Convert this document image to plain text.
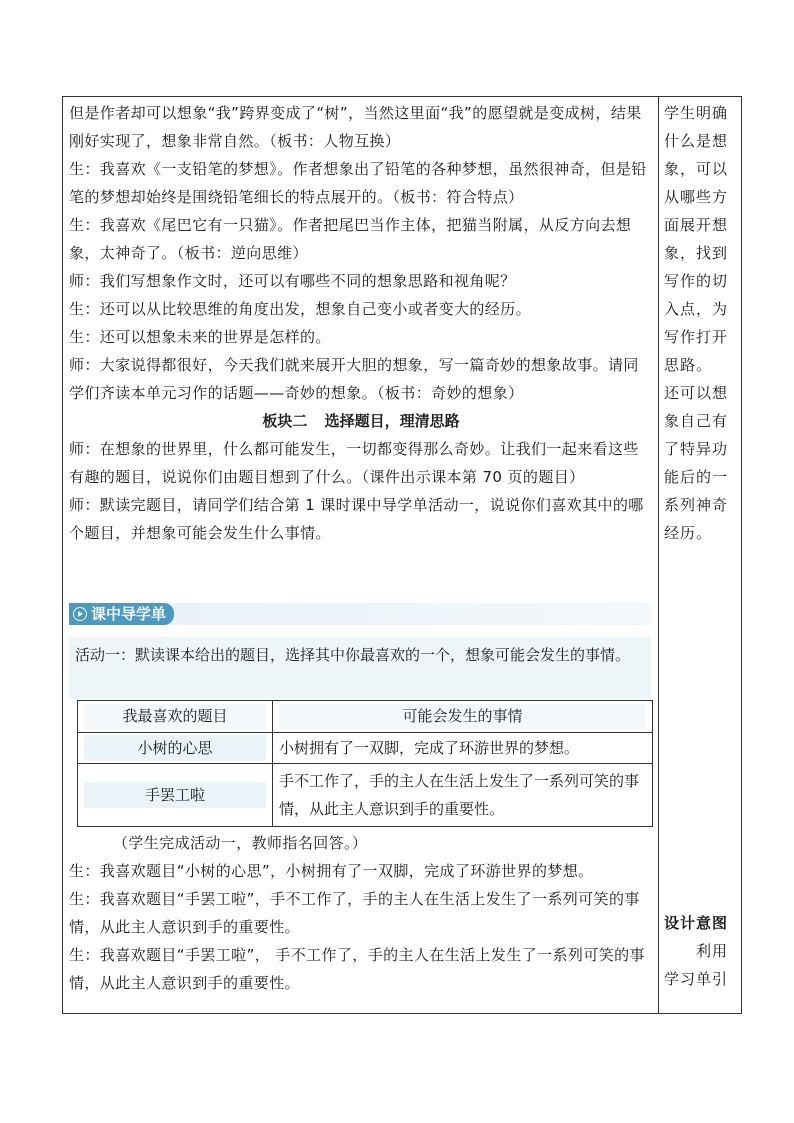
但是作者却可以想象“我”跨界变成了“树”，当然这里面“我”的愿望就是变成树，结果刚好实现了，想象非常自然。（板书：人物互换）

生：我喜欢《一支铅笔的梦想》。作者想象出了铅笔的各种梦想，虽然很神奇，但是铅笔的梦想却始终是围绕铅笔细长的特点展开的。（板书：符合特点）

生：我喜欢《尾巴它有一只猫》。作者把尾巴当作主体，把猫当附属，从反方向去想象，太神奇了。（板书：逆向思维）

师：我们写想象作文时，还可以有哪些不同的想象思路和视角呢？

生：还可以从比较思维的角度出发，想象自己变小或者变大的经历。

生：还可以想象未来的世界是怎样的。

师：大家说得都很好，今天我们就来展开大胆的想象，写一篇奇妙的想象故事。请同学们齐读本单元习作的话题——奇妙的想象。（板书：奇妙的想象）

板块二 选择题目，理清思路

师：在想象的世界里，什么都可能发生，一切都变得那么奇妙。让我们一起来看这些有趣的题目，说说你们由题目想到了什么。（课件出示课本第 70 页的题目）

师：默读完题目，请同学们结合第 1 课时课中导学单活动一，说说你们喜欢其中的哪个题目，并想象可能会发生什么事情。

课中导学单

活动一：默读课本给出的题目，选择其中你最喜欢的一个，想象可能会发生的事情。

我最喜欢的题目	可能会发生的事情

小树的心思	小树拥有了一双脚，完成了环游世界的梦想。

手罢工啦	手不工作了，手的主人在生活上发生了一系列可笑的事情，从此主人意识到手的重要性。

（学生完成活动一，教师指名回答。）

生：我喜欢题目“小树的心思”，小树拥有了一双脚，完成了环游世界的梦想。

生：我喜欢题目“手罢工啦”，手不工作了，手的主人在生活上发生了一系列可笑的事情，从此主人意识到手的重要性。

生：我喜欢题目“手罢工啦”， 手不工作了，手的主人在生活上发生了一系列可笑的事情，从此主人意识到手的重要性。

学生明确什么是想象，可以从哪些方面展开想象，找到写作的切入点，为写作打开思路。

还可以想象自己有了特异功能后的一系列神奇经历。

设计意图

利用

学习单引
